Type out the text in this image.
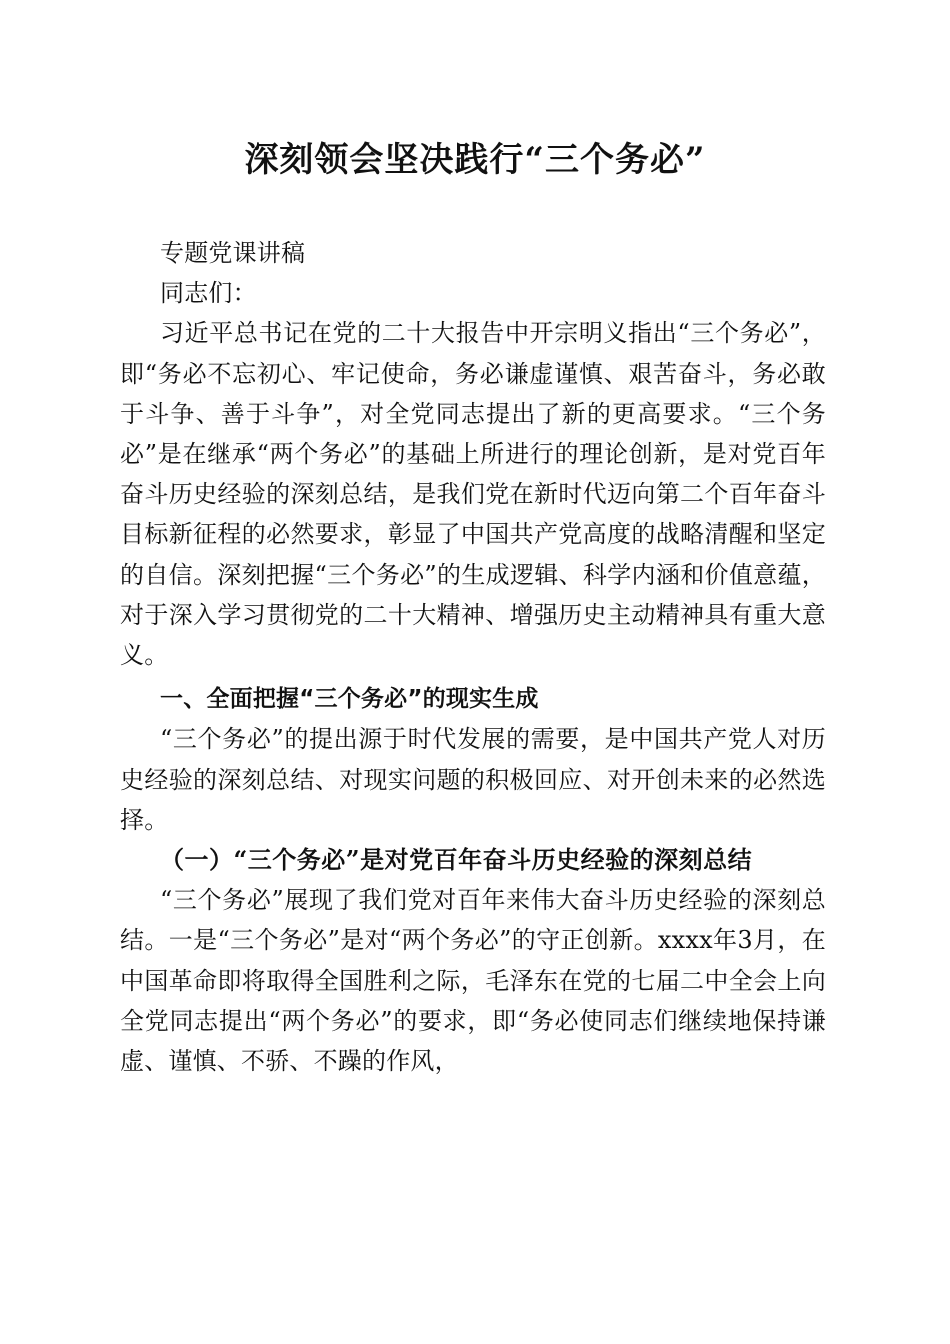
深刻领会坚决践行“三个务必”

专题党课讲稿

同志们：

习近平总书记在党的二十大报告中开宗明义指出“三个务必”，即“务必不忘初心、牢记使命，务必谦虚谨慎、艰苦奋斗，务必敢于斗争、善于斗争”，对全党同志提出了新的更高要求。“三个务必”是在继承“两个务必”的基础上所进行的理论创新，是对党百年奋斗历史经验的深刻总结，是我们党在新时代迈向第二个百年奋斗目标新征程的必然要求，彰显了中国共产党高度的战略清醒和坚定的自信。深刻把握“三个务必”的生成逻辑、科学内涵和价值意蕴，对于深入学习贯彻党的二十大精神、增强历史主动精神具有重大意义。

一、全面把握“三个务必”的现实生成

“三个务必”的提出源于时代发展的需要，是中国共产党人对历史经验的深刻总结、对现实问题的积极回应、对开创未来的必然选择。

（一）“三个务必”是对党百年奋斗历史经验的深刻总结

“三个务必”展现了我们党对百年来伟大奋斗历史经验的深刻总结。一是“三个务必”是对“两个务必”的守正创新。xxxx年3月，在中国革命即将取得全国胜利之际，毛泽东在党的七届二中全会上向全党同志提出“两个务必”的要求，即“务必使同志们继续地保持谦虚、谨慎、不骄、不躁的作风，
